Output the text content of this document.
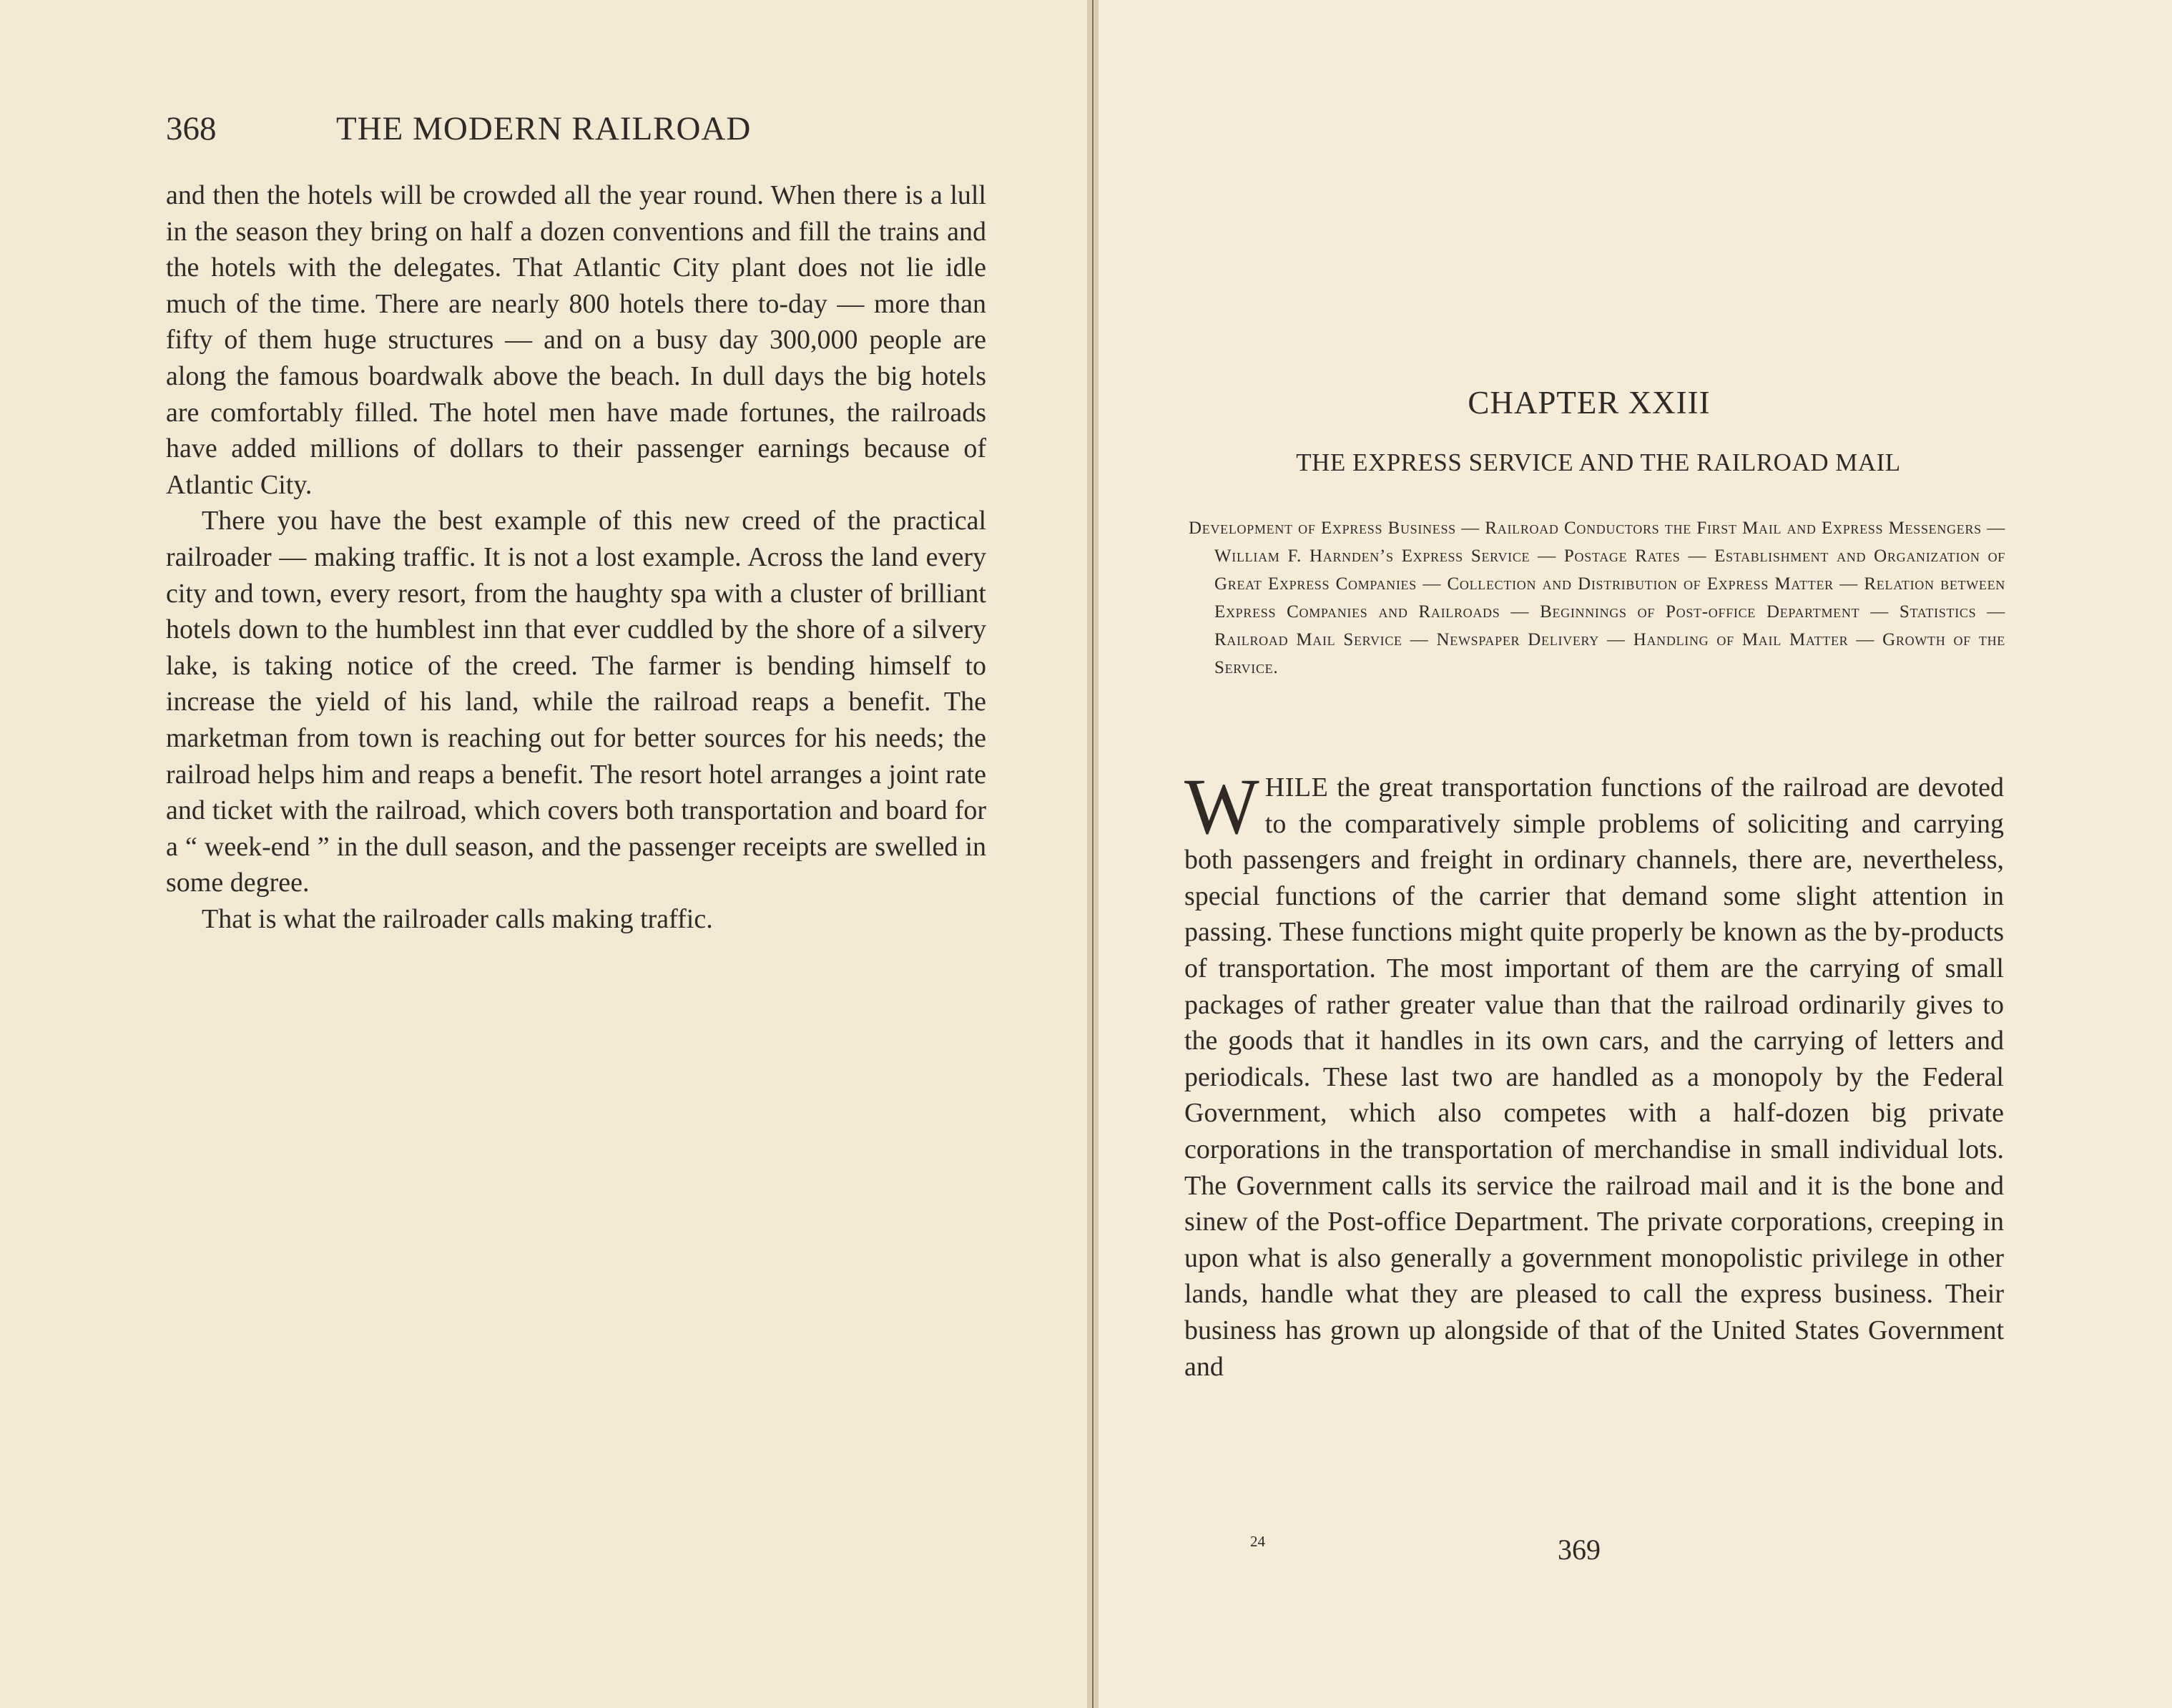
368	THE MODERN RAILROAD

and then the hotels will be crowded all the year round. When there is a lull in the season they bring on half a dozen conventions and fill the trains and the hotels with the delegates. That Atlantic City plant does not lie idle much of the time. There are nearly 800 hotels there to-day — more than fifty of them huge structures — and on a busy day 300,000 people are along the famous boardwalk above the beach. In dull days the big hotels are comfortably filled. The hotel men have made fortunes, the railroads have added millions of dollars to their passenger earnings because of Atlantic City.

There you have the best example of this new creed of the practical railroader — making traffic. It is not a lost example. Across the land every city and town, every resort, from the haughty spa with a cluster of brilliant hotels down to the humblest inn that ever cuddled by the shore of a silvery lake, is taking notice of the creed. The farmer is bending himself to increase the yield of his land, while the railroad reaps a benefit. The marketman from town is reaching out for better sources for his needs; the railroad helps him and reaps a benefit. The resort hotel arranges a joint rate and ticket with the railroad, which covers both transportation and board for a “ week-end ” in the dull season, and the passenger receipts are swelled in some degree.

That is what the railroader calls making traffic.

CHAPTER XXIII
THE EXPRESS SERVICE AND THE RAILROAD MAIL
Development of Express Business — Railroad Conductors the First Mail and Express Messengers — William F. Harnden’s Express Service — Postage Rates — Establishment and Organization of Great Express Companies — Collection and Distribution of Express Matter — Relation between Express Companies and Railroads — Beginnings of Post-office Department — Statistics — Railroad Mail Service — Newspaper Delivery — Handling of Mail Matter — Growth of the Service.
W HILE the great transportation functions of the railroad are devoted to the comparatively simple problems of soliciting and carrying both passengers and freight in ordinary channels, there are, nevertheless, special functions of the carrier that demand some slight attention in passing. These functions might quite properly be known as the by-products of transportation. The most important of them are the carrying of small packages of rather greater value than that the railroad ordinarily gives to the goods that it handles in its own cars, and the carrying of letters and periodicals. These last two are handled as a monopoly by the Federal Government, which also competes with a half-dozen big private corporations in the transportation of merchandise in small individual lots. The Government calls its service the railroad mail and it is the bone and sinew of the Post-office Department. The private corporations, creeping in upon what is also generally a government monopolistic privilege in other lands, handle what they are pleased to call the express business. Their business has grown up alongside of that of the United States Government and
24	369
